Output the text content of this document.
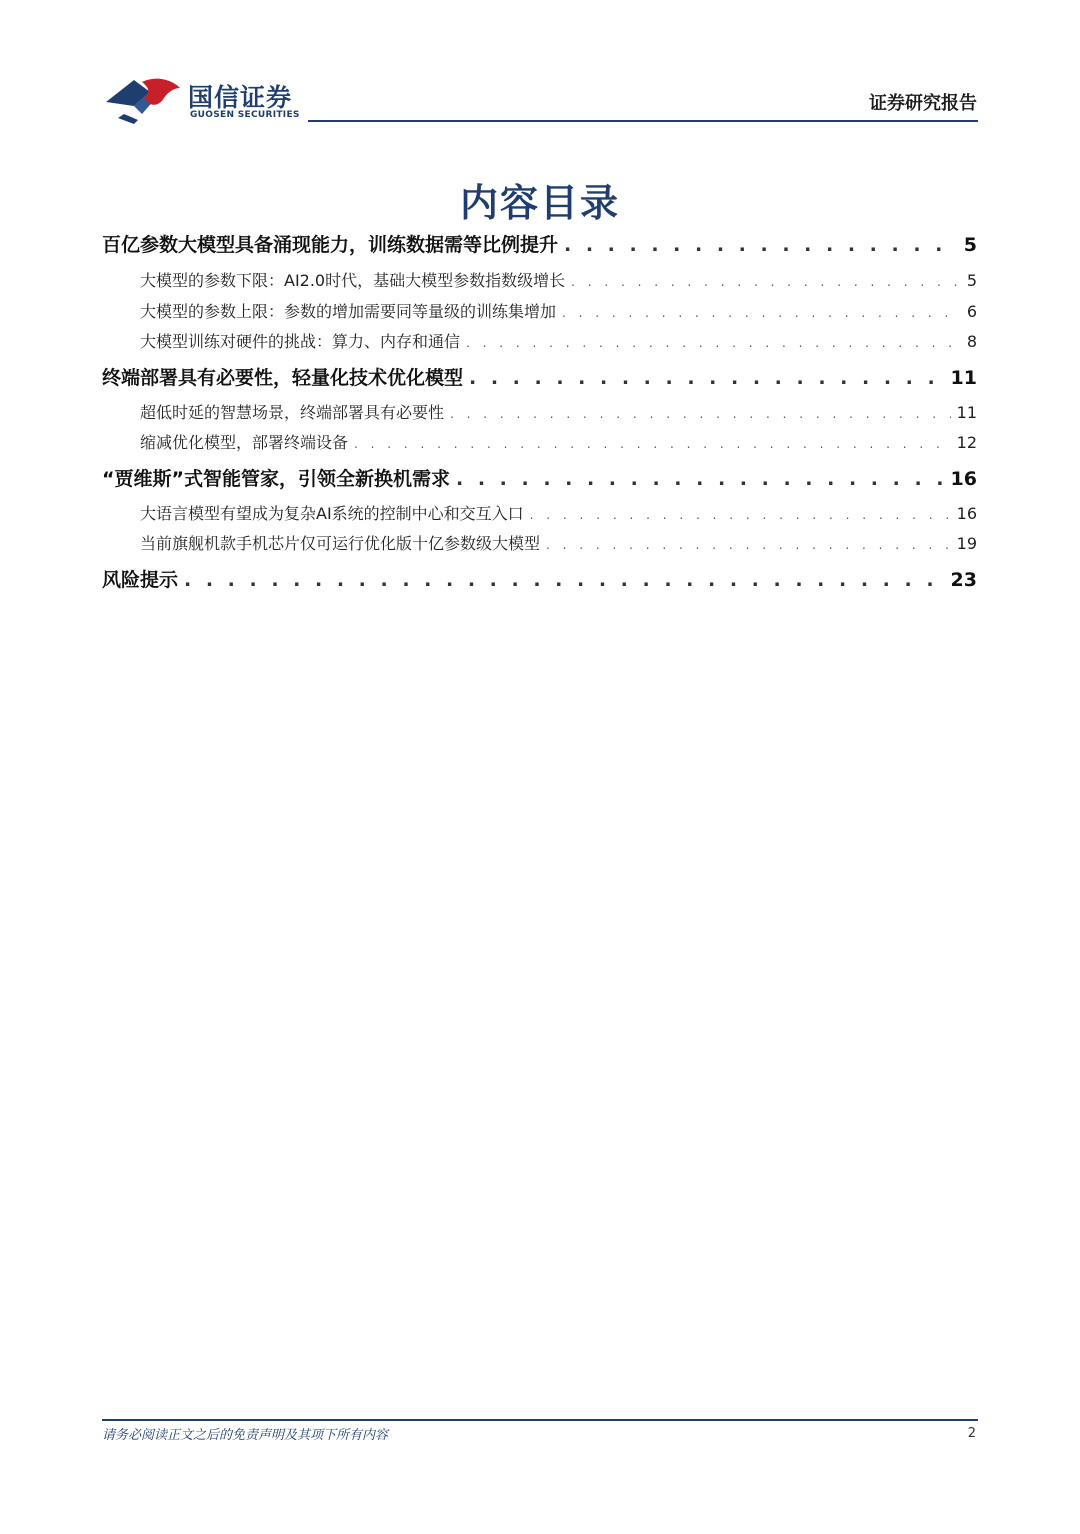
国信证券
GUOSEN SECURITIES
证券研究报告
内容目录
百亿参数大模型具备涌现能力，训练数据需等比例提升 . . .	5
大模型的参数下限：AI2.0时代，基础大模型参数指数级增长 . . .	5
大模型的参数上限：参数的增加需要同等量级的训练集增加 . . .	6
大模型训练对硬件的挑战：算力、内存和通信 . . .	8
终端部署具有必要性，轻量化技术优化模型 . . .	11
超低时延的智慧场景，终端部署具有必要性 . . .	11
缩减优化模型，部署终端设备 . . .	12
“贾维斯”式智能管家，引领全新换机需求 . . .	16
大语言模型有望成为复杂AI系统的控制中心和交互入口 . . .	16
当前旗舰机款手机芯片仅可运行优化版十亿参数级大模型 . . .	19
风险提示 . . .	23
请务必阅读正文之后的免责声明及其项下所有内容	2
